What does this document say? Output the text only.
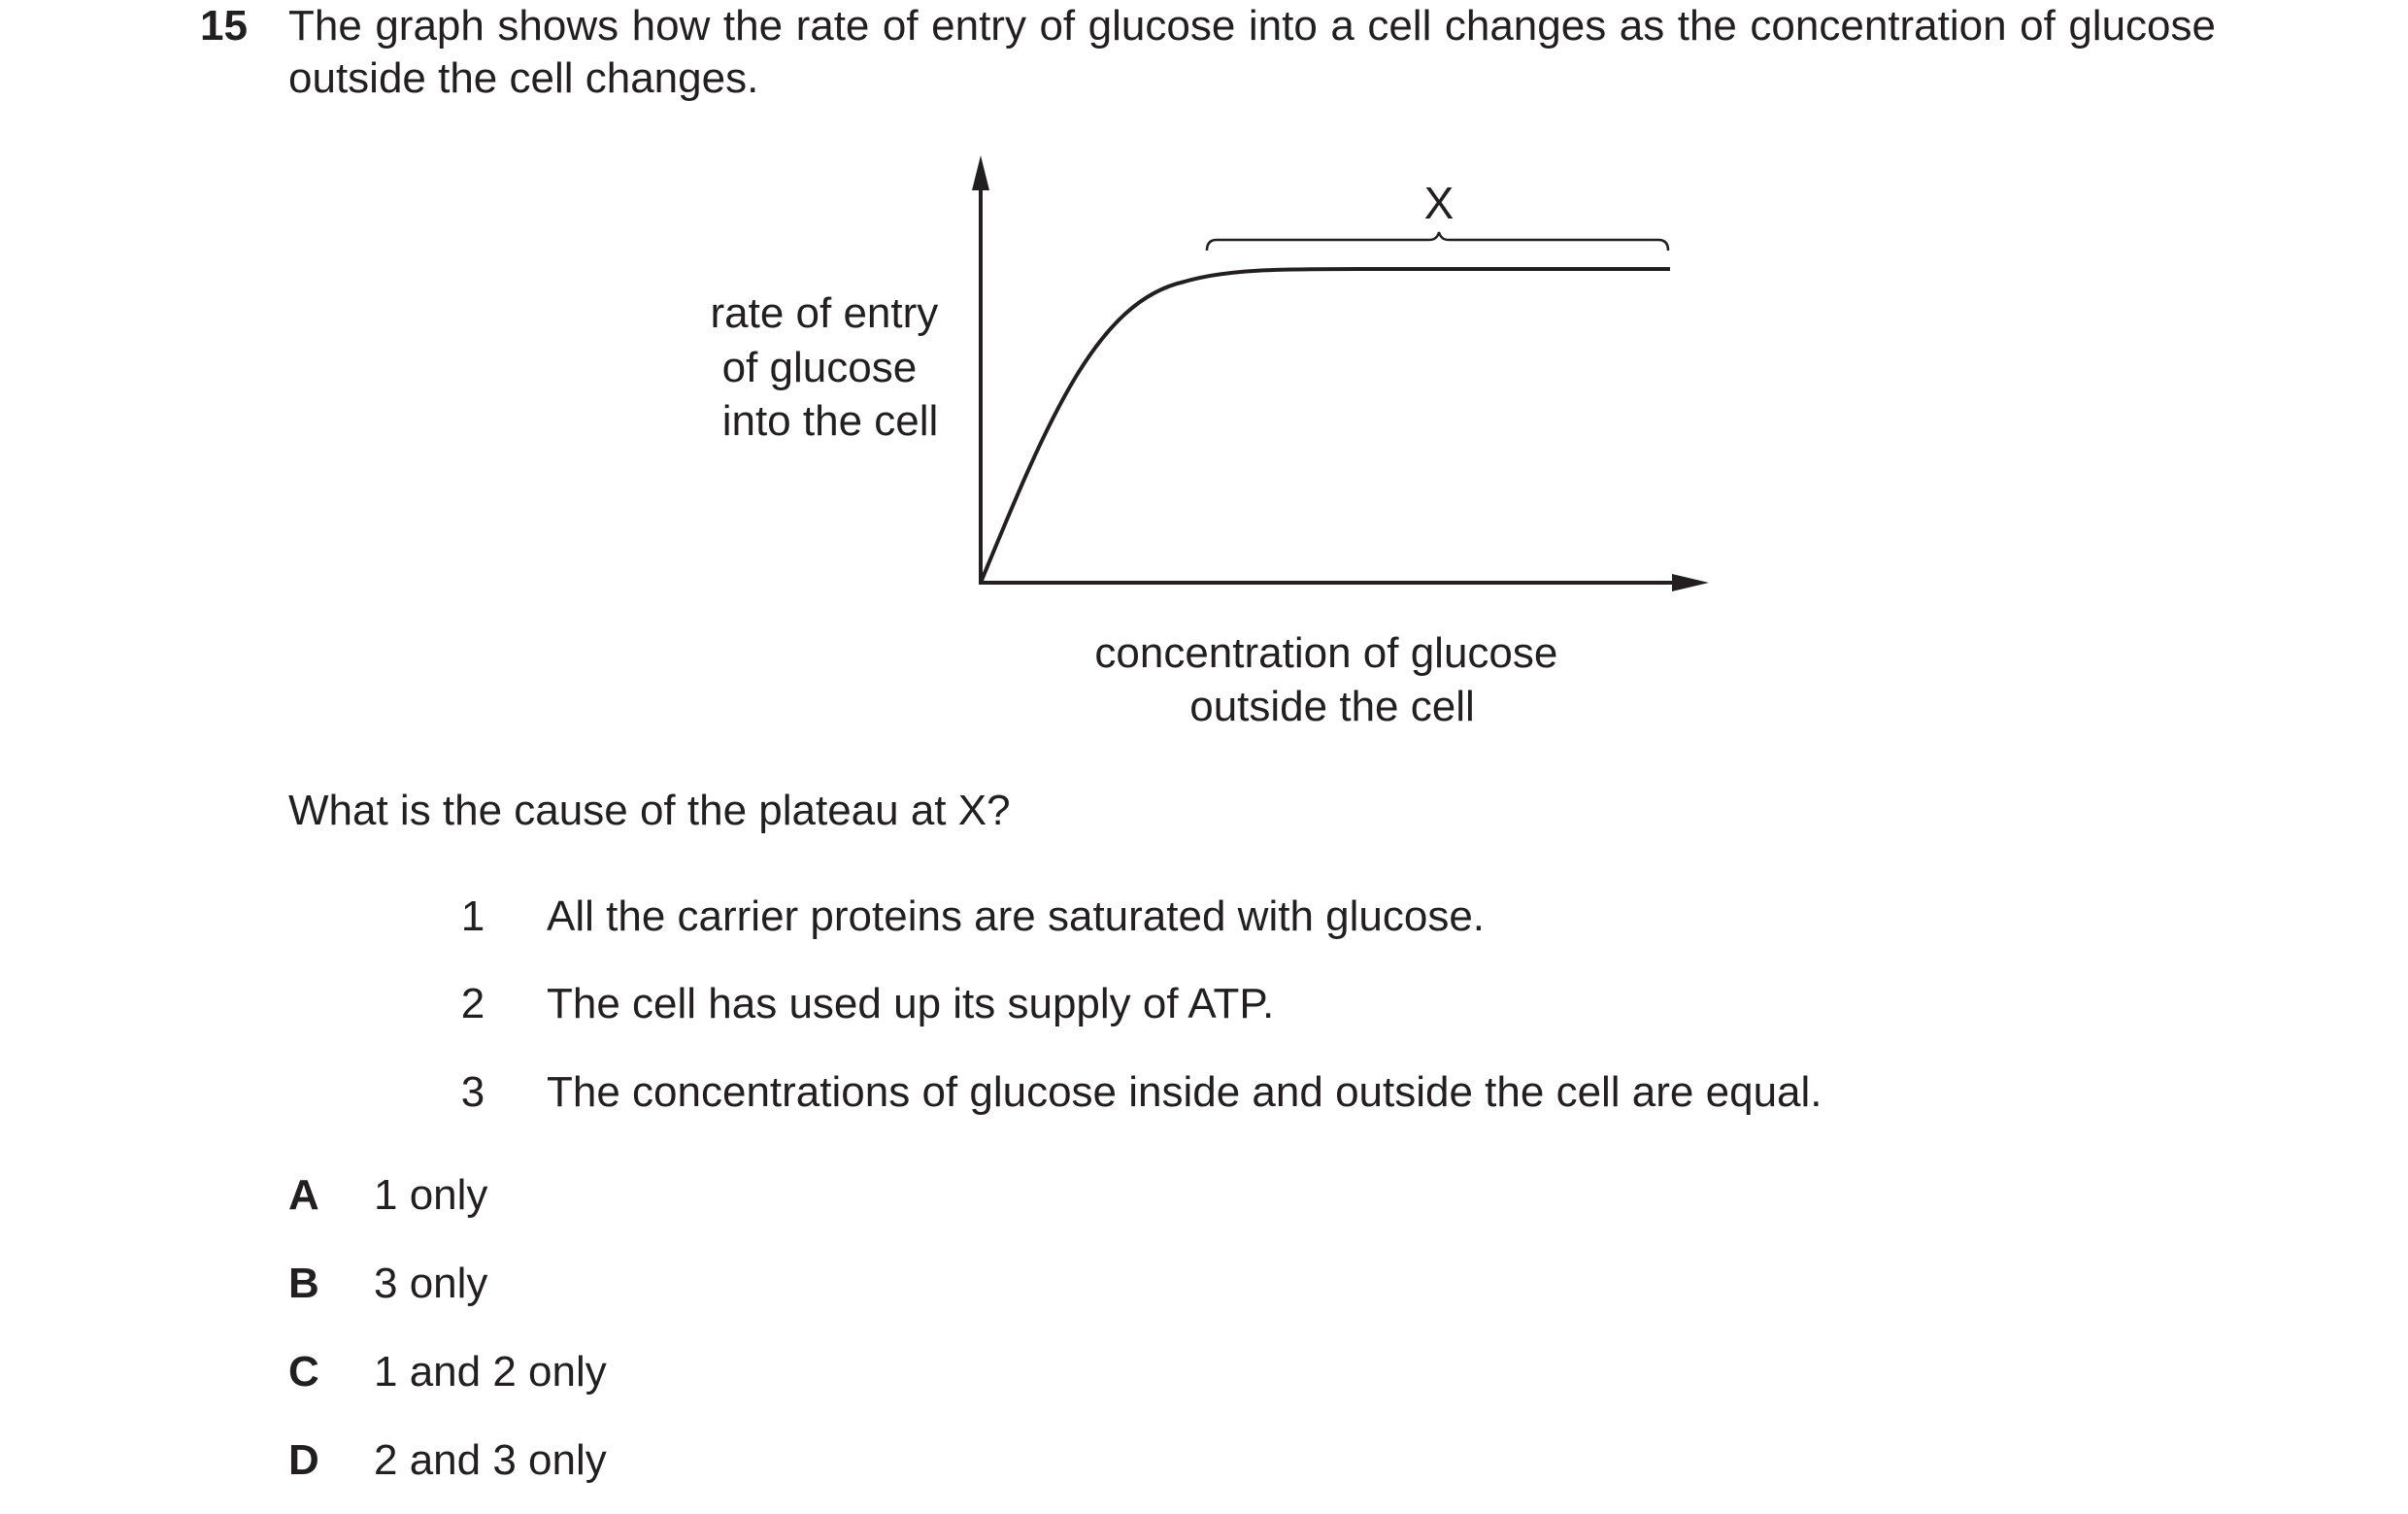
15 The graph shows how the rate of entry of glucose into a cell changes as the concentration of glucose outside the cell changes.
X
rate of entry of glucose into the cell
concentration of glucose outside the cell
What is the cause of the plateau at X?
1 All the carrier proteins are saturated with glucose.
2 The cell has used up its supply of ATP.
3 The concentrations of glucose inside and outside the cell are equal.
A 1 only
B 3 only
C 1 and 2 only
D 2 and 3 only
